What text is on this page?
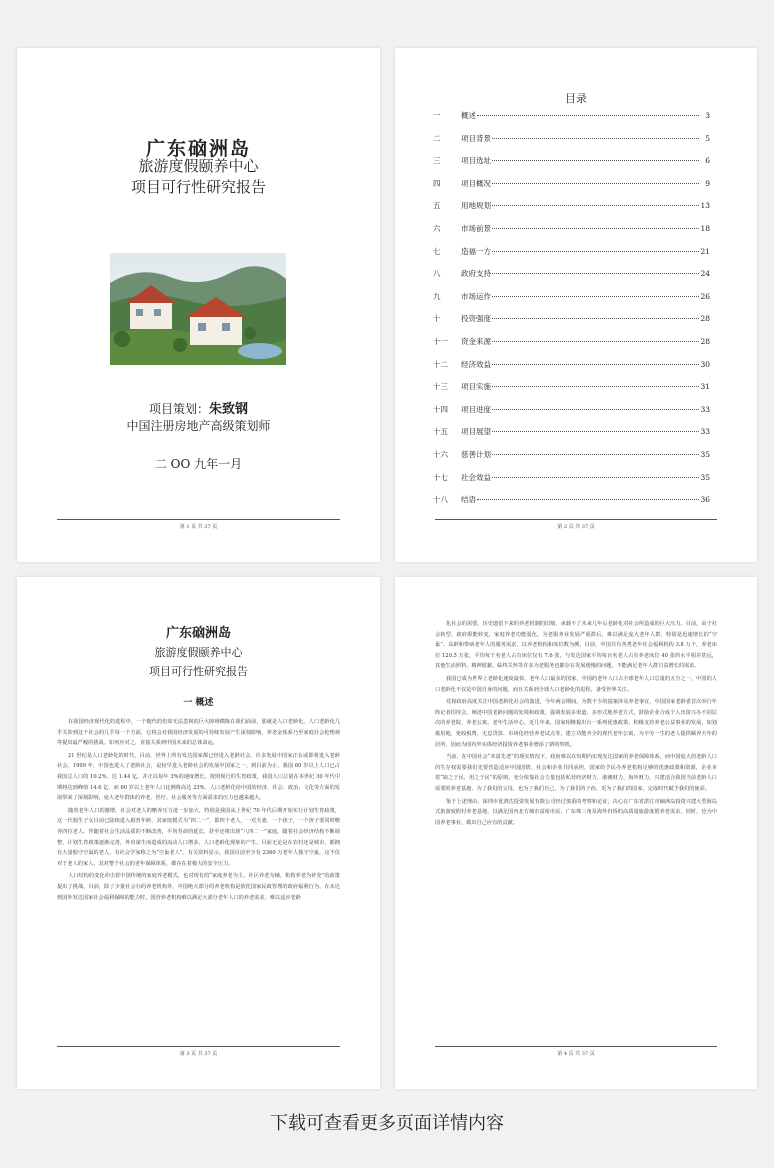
广东硇洲岛
旅游度假颐养中心
项目可行性研究报告
项目策划：朱致钢
中国注册房地产高级策划师
二 OO 九年一月
第 1 页 共 37 页
目录
一	概述	3
二	项目背景	5
三	项目选址	6
四	项目概况	9
五	用地规划	13
六	市场前景	18
七	造福一方	21
八	政府支持	24
九	市场运作	26
十	投资强度	28
十一	资金来源	28
十二	经济效益	30
十三	项目实施	31
十四	项目进度	33
十五	项目展望	33
十六	慈善计划	35
十七	社会效益	35
十八	结语	36
第 2 页 共 37 页
广东硇洲岛
旅游度假颐养中心
项目可行性研究报告
一 概述

在我国经济现代化的进程中，一个随代的但却无法忽视的巨大障碍横陈在我们面前，那就是人口老龄化。人口老龄化几乎关涉到这个社会的几乎每一个方面，它将会对我国经济发展的可持续发展产生深刻影响，养老金体系乃至家庭社会伦理观等提出最严峻的挑战。如何应对之，直接关系到中国未来的总体命运。

21 世纪是人口老龄化的时代。目前，世界上所有发达国家都已经进入老龄社会，许多发展中国家正在或即将进入老龄社会。1999 年，中国也进入了老龄社会，是较早进入老龄社会的发展中国家之一。到目前为止，我国 60 岁以上人口已占我国总人口的 10.2%，达 1.44 亿，并正以每年 3%的速度增长。按照现行的生育政策，我国人口总量在本世纪 30 年代中期将达到峰值 14.6 亿，而 60 岁以上老年人口比例将高达 23%。人口老龄化给中国的经济、社会、政治、文化等方面的发展带来了深刻影响，庞大老年群体的养老、医疗、社会服务等方面需求的压力也越来越大。

随着老年人口的激增，社会对老人的赡养压力进一步加大，特别是我国从上世纪 70 年代后期开始实行计划生育政策，这一代独生子女目前已陆续进入婚育年龄，其家庭模式为“四二一”，即四个老人，一对夫妻，一个孩子，一个孩子要同时赡养四位老人。伴随着社会生活品质的不断改善，平均寿命的延长，甚至还将出现“八四二一”家庭。随着社会经济结构不断调整，计划生育政策逐渐完善，外出谋生而造成的流动人口增多，人口老龄化现象的产生，目前无论是在农村还是城市，都拥有大量独守空巢的老人，有社会学家称之为“空巢老人”。有关资料显示，我国目前至少有 2360 万老年人独守空巢，这不仅对于老人的家人，其对整个社会的老年保障体系，都存在着极大的安全压力。

人口结构的变化冲击着中国传统的家庭养老模式，也对现有的“家庭养老为主，社区养老为辅，机构养老为补充”的政策提出了挑战，目前，除了少量社会办的养老机构外，中国绝大部分的养老机构是依托国家民政管理的政府福利行为，在未达到国外发达国家社会福利保障的能力时，国营养老机构难以满足大部分老年人口的养老需求，难以适应老龄

第 3 页 共 37 页

化社会的需要。历史遗留下来的养老机制的旧船，承载不了未来几年后老龄化对社会所造成的巨大压力。目前，由于社会转型、政府职能转变，家庭养老功能弱化，为老服务业发展严重滞后，难以满足庞大老年人群，特别是迅速增长的“空巢”、高龄和带病老年人的服务需求，以养老机构和床位数为例，目前，中国共有各类老年社会福利机构 3.8 万个，养老床位 120.5 万张，平均每千名老人占有床位仅有 7.6 张，与发达国家平均每百名老人占有养老床位 40 张的水平相差甚远，其他生活照料、精神慰藉、临终关怀等许多为老服务也都存在发展缓慢的问题，不能满足老年人群日益增长的需求。

我国已成为世界上老龄化速度最快、老年人口最多的国家，中国的老年人口占全球老年人口总量的五分之一，中国的人口老龄化不仅是中国自身的问题，而且关系到全球人口老龄化的进程，备受世界关注。

党和政府高度关注中国老龄化社会的演进，今年两会期间，为数不少的提案涉及养老事宜，中国国家老龄委首次举行年终记者招待会，阐述中国老龄问题的处境和政策，强调发展多渠道、多形式地养老方式，鼓励企业合成个人出资兴办不同层次的养老院、养老公寓、老年生活中心。近几年来，国家相继提出台一系列优惠政策，积极支持养老公益事业的发展，如划拨用地，免收税费、无息贷款、市场化经营养老试点等，建立功能齐全的现代老年公寓，为辛劳一生的老人提供颐养天年的居所，因而为国内外实体经济投资养老事业增添了新的契机。

当前，在中国社会“未富先老”的现实情况下，政府难以在短期内实现发达国家的养老保障体系，而中国庞大的老龄人口的生存权需要我们先要营造适应中国国情、社会和企业共同承担，国家给予民办养老机构足够的优惠政策和资源，企业本着“取之于民，用之于民”的原则，充分依靠社会力量包括私营经济财力，港澳财力，海外财力，兴建适合我国当前老龄人口需要的养老基地，为了我们的父母，也为了我们自己，为了我们的子孙，更为了我们的国家，完成时代赋予我们的使命。

鉴于上述理由，深圳市优鸿达投资发展有限公司经过慎重的考察和论证，决心在广东省湛江市硇洲岛投资兴建大型海岛式旅游度假村养老基地，以满足国内北方城市富裕市民、广东珠三角及海外归侨的高质量旅游度假养老需求。同时，也为中国养老事业，做出自己应有的贡献。

第 4 页 共 37 页
下载可查看更多页面详情内容
